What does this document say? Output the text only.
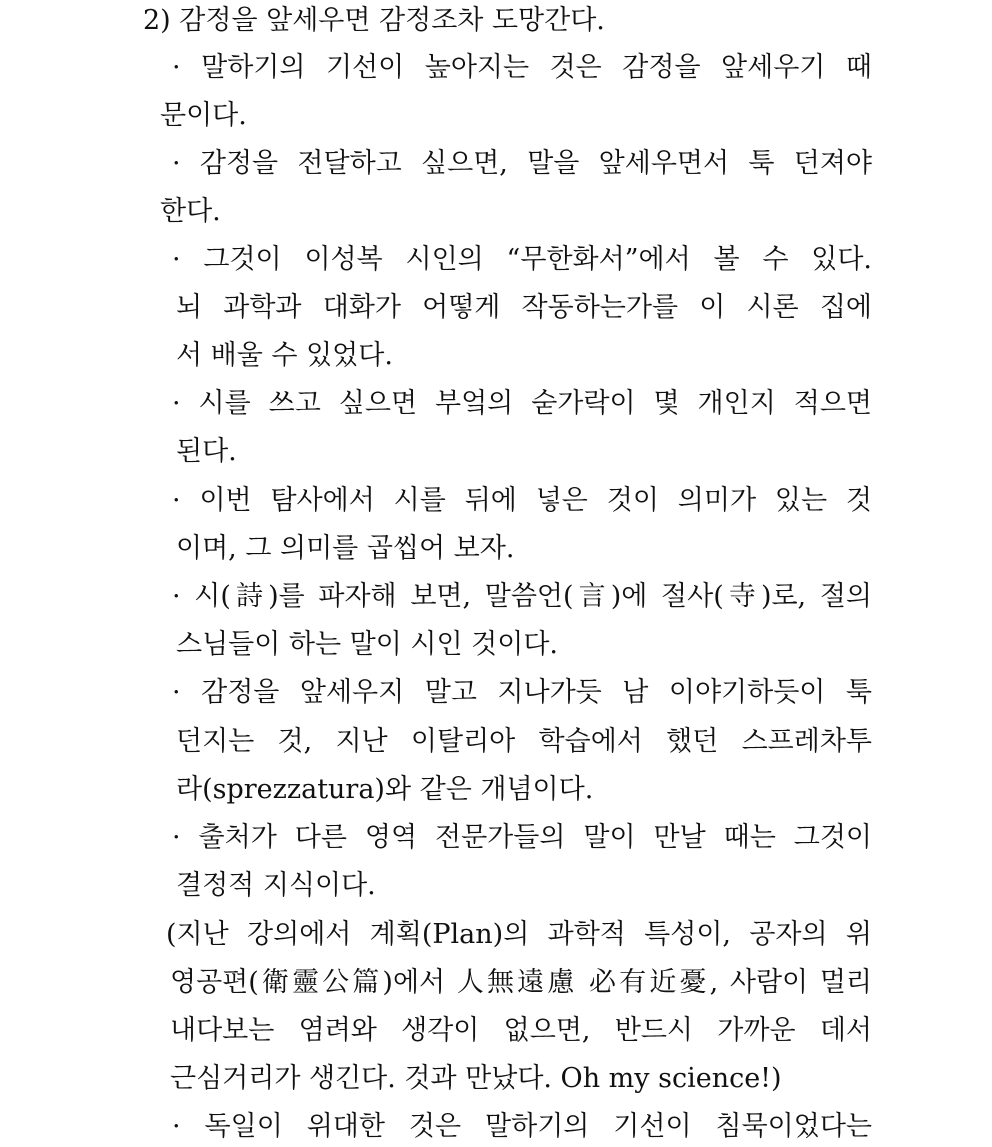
2) 감정을 앞세우면 감정조차 도망간다.
· 말하기의 기선이 높아지는 것은 감정을 앞세우기 때
문이다.
· 감정을 전달하고 싶으면, 말을 앞세우면서 툭 던져야
한다.
· 그것이 이성복 시인의 “무한화서”에서 볼 수 있다.
뇌 과학과 대화가 어떻게 작동하는가를 이 시론 집에
서 배울 수 있었다.
· 시를 쓰고 싶으면 부엌의 숟가락이 몇 개인지 적으면
된다.
· 이번 탐사에서 시를 뒤에 넣은 것이 의미가 있는 것
이며, 그 의미를 곱씹어 보자.
· 시(詩)를 파자해 보면, 말씀언(言)에 절사(寺)로, 절의
스님들이 하는 말이 시인 것이다.
· 감정을 앞세우지 말고 지나가듯 남 이야기하듯이 툭
던지는 것, 지난 이탈리아 학습에서 했던 스프레차투
라(sprezzatura)와 같은 개념이다.
· 출처가 다른 영역 전문가들의 말이 만날 때는 그것이
결정적 지식이다.
(지난 강의에서 계획(Plan)의 과학적 특성이, 공자의 위
영공편(衛靈公篇)에서 人無遠慮 必有近憂, 사람이 멀리
내다보는 염려와 생각이 없으면, 반드시 가까운 데서
근심거리가 생긴다. 것과 만났다. Oh my science!)
· 독일이 위대한 것은 말하기의 기선이 침묵이었다는
